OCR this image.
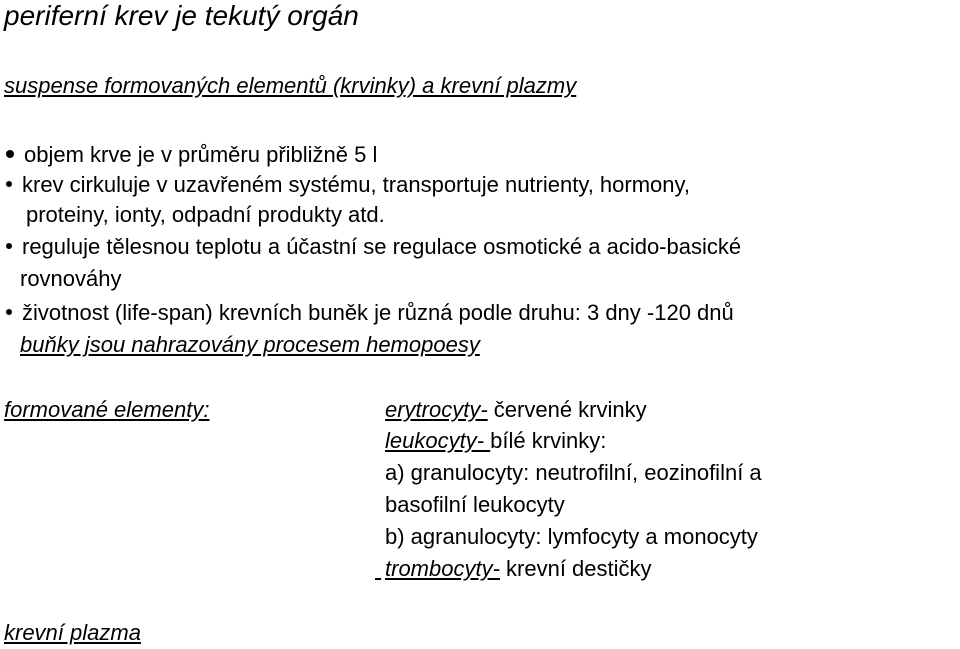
periferní krev je tekutý orgán
suspense formovaných elementů (krvinky) a krevní plazmy
objem krve je v průměru přibližně 5 l
krev cirkuluje v uzavřeném systému, transportuje nutrienty, hormony,
proteiny, ionty, odpadní produkty atd.
reguluje tělesnou teplotu a účastní se regulace osmotické a acido-basické
rovnováhy
životnost (life-span) krevních buněk je různá podle druhu: 3 dny -120 dnů
buňky jsou nahrazovány procesem hemopoesy
formované elementy:	erytrocyty- červené krvinky
leukocyty- bílé krvinky:
a) granulocyty: neutrofilní, eozinofilní a
basofilní leukocyty
b) agranulocyty: lymfocyty a monocyty
trombocyty- krevní destičky
krevní plazma
